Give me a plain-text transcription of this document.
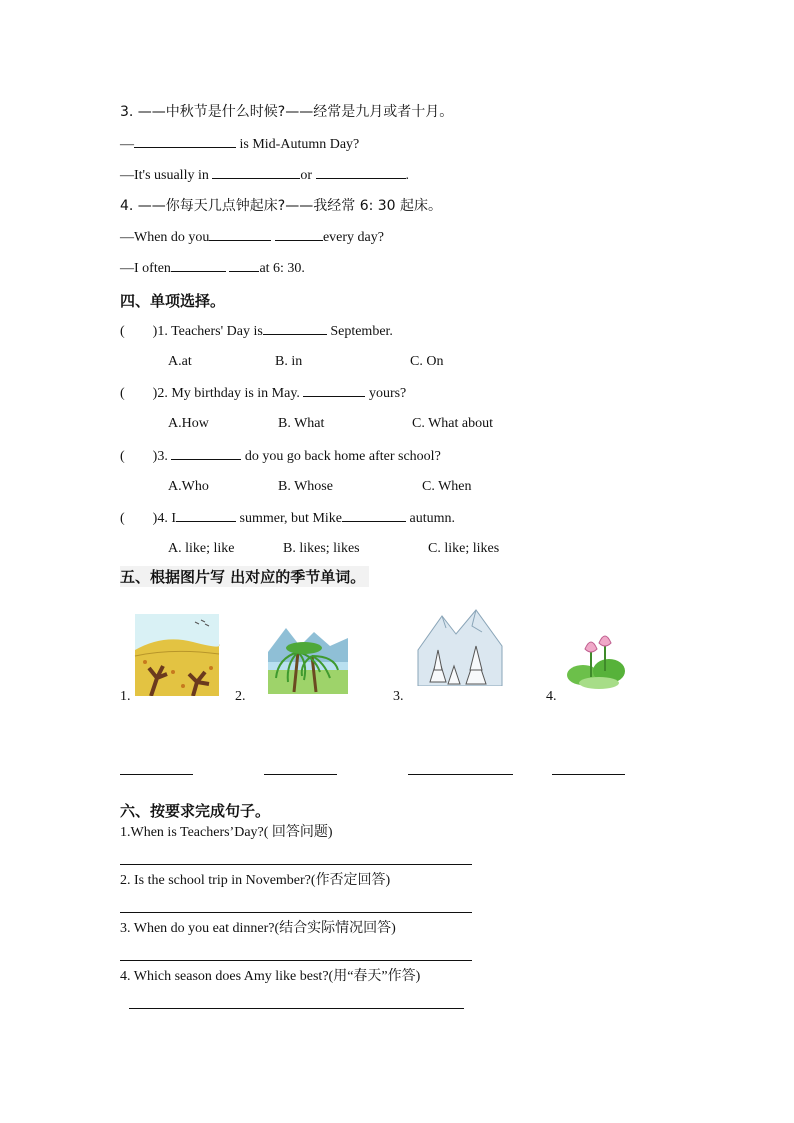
3. ——中秋节是什么时候?——经常是九月或者十月。
—	is Mid-Autumn Day?
—It's usually in	or	.
4. ——你每天几点钟起床?——我经常 6: 30 起床。
—When do you	every day?
—I often	at 6: 30.
四、单项选择。
( )1. Teachers' Day is	September.
A.at	B. in	C. On
( )2. My birthday is in May.	yours?
A.How	B. What	C. What about
( )3.	do you go back home after school?
A.Who	B. Whose	C. When
( )4. I	summer, but Mike	autumn.
A. like; like	B. likes; likes	C. like; likes
五、根据图片写 出对应的季节单词。
1.	2.	3.	4.
六、按要求完成句子。
1.When is Teachers’Day?( 回答问题)
2. Is the school trip in November?(作否定回答)
3. When do you eat dinner?(结合实际情况回答)
4. Which season does Amy like best?(用“春天”作答)
